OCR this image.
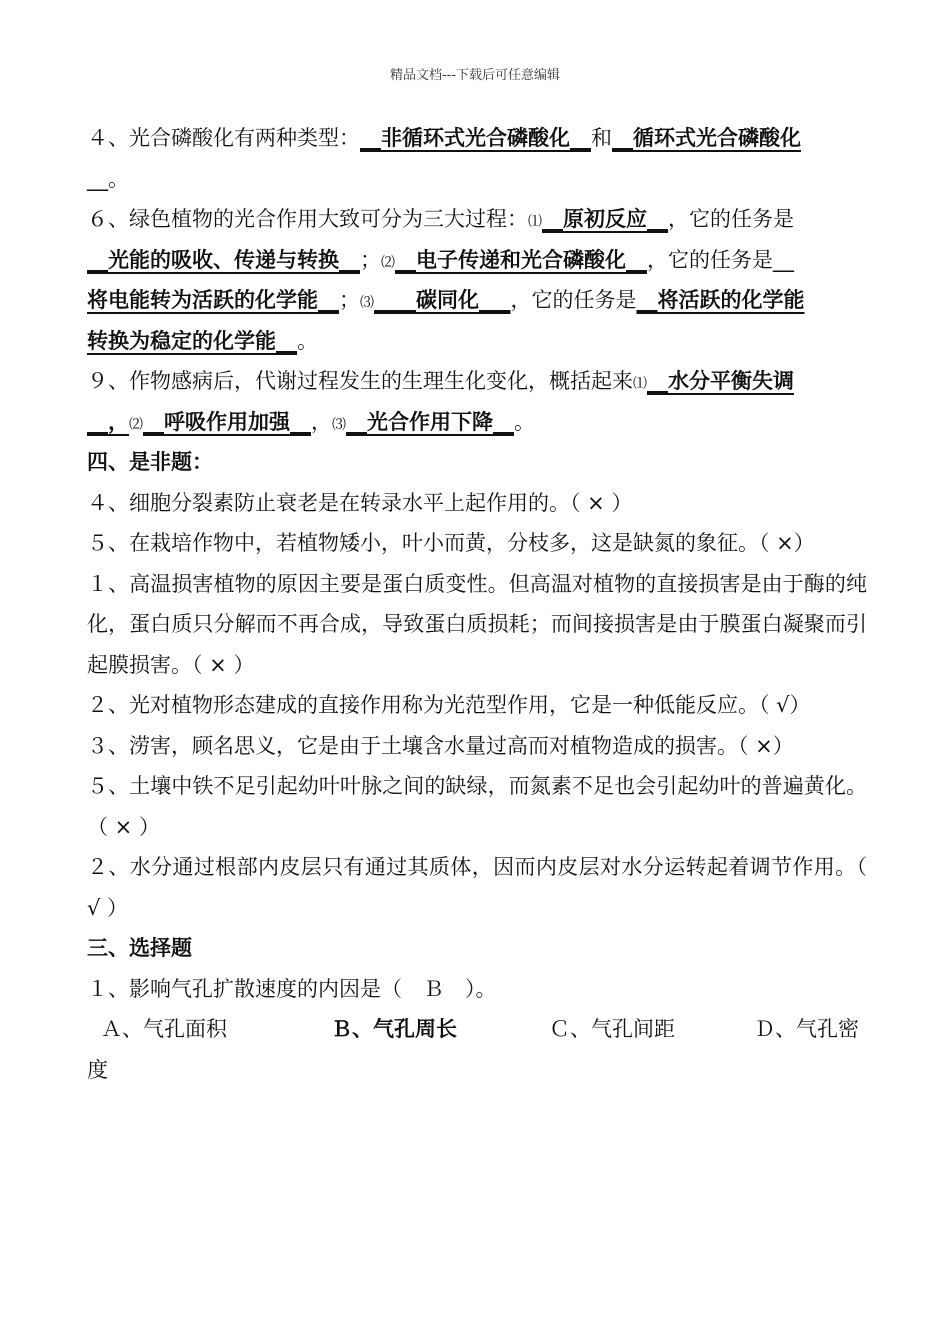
精品文档---下载后可任意编辑
４、光合磷酸化有两种类型：__非循环式光合磷酸化__和__循环式光合磷酸化
__。
６、绿色植物的光合作用大致可分为三大过程：⑴__原初反应__，它的任务是
__光能的吸收、传递与转换__；⑵__电子传递和光合磷酸化__，它的任务是__
将电能转为活跃的化学能__；⑶____碳同化___，它的任务是__将活跃的化学能
转换为稳定的化学能__。
９、作物感病后，代谢过程发生的生理生化变化，概括起来⑴__水分平衡失调
__，⑵__呼吸作用加强__，⑶__光合作用下降__。
四、是非题：

４、细胞分裂素防止衰老是在转录水平上起作用的。（ × ）

５、在栽培作物中，若植物矮小，叶小而黄，分枝多，这是缺氮的象征。（ ×）

１、高温损害植物的原因主要是蛋白质变性。但高温对植物的直接损害是由于酶的纯化，蛋白质只分解而不再合成，导致蛋白质损耗；而间接损害是由于膜蛋白凝聚而引起膜损害。（ × ）

２、光对植物形态建成的直接作用称为光范型作用，它是一种低能反应。（ √）

３、涝害，顾名思义，它是由于土壤含水量过高而对植物造成的损害。（ ×）

５、土壤中铁不足引起幼叶叶脉之间的缺绿，而氮素不足也会引起幼叶的普遍黄化。（ × ）

２、水分通过根部内皮层只有通过其质体，因而内皮层对水分运转起着调节作用。（ √ ）

三、选择题
１、影响气孔扩散速度的内因是（　Ｂ　）。
Ａ、气孔面积	Ｂ、气孔周长	Ｃ、气孔间距	Ｄ、气孔密
度
